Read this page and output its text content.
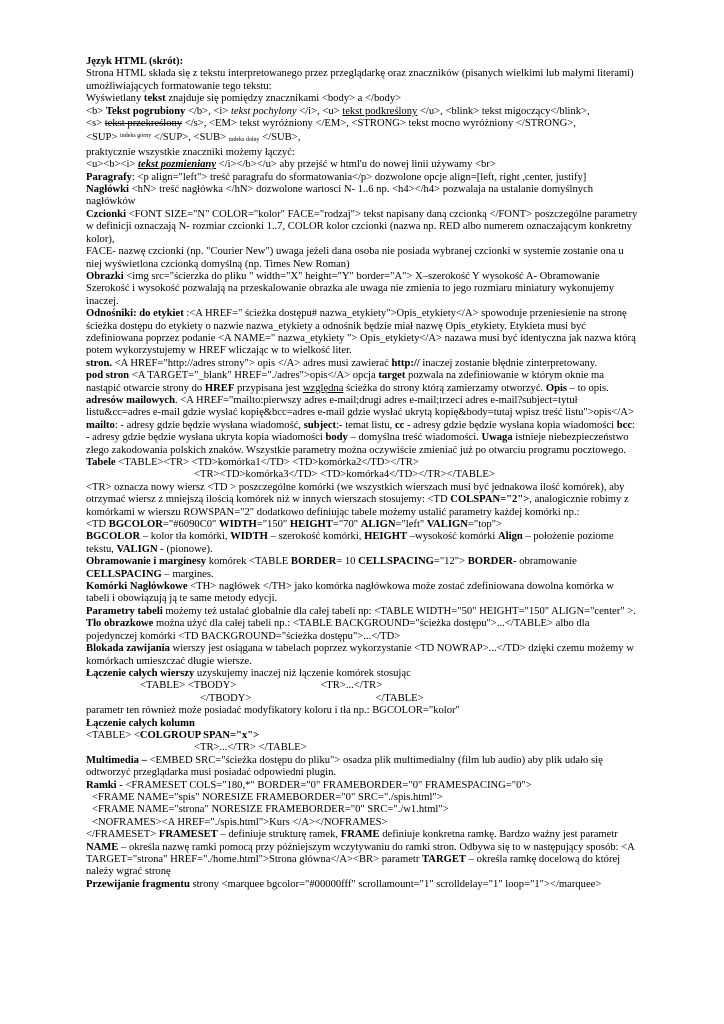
Język HTML (skrót):

Strona HTML składa się z tekstu interpretowanego przez przeglądarkę oraz znaczników (pisanych wielkimi lub małymi literami) umożliwiających formatowanie tego tekstu:

Wyświetlany tekst znajduje się pomiędzy znacznikami <body> a </body>

<b> Tekst pogrubiony </b>, <i> tekst pochylony </i>, <u> tekst podkreślony </u>, <blink> tekst migoczący</blink>,

<s> tekst przekreślony </s>, <EM> tekst wyróżniony </EM>, <STRONG> tekst mocno wyróżniony </STRONG>,

<SUP> $^{indeks górny}$ </SUP>, <SUB> indeks dolny </SUB>,

praktycznie wszystkie znaczniki możemy łączyć:

<u><b><i> tekst pozmieniany </i></b></u> aby przejść w html'u do nowej linii używamy <br>

Paragrafy: <p align="left"> treść paragrafu do sformatowania</p> dozwolone opcje align=[left, right ,center, justify]

Nagłówki <hN> treść nagłówka </hN> dozwolone wartosci N- 1..6 np. <h4></h4> pozwalaja na ustalanie domyślnych nagłówków

Czcionki <FONT SIZE="N" COLOR="kolor" FACE="rodzaj"> tekst napisany daną czcionką </FONT> poszczególne parametry w definicji oznaczają N- rozmiar czcionki 1..7, COLOR kolor czcionki (nazwa np. RED albo numerem oznaczającym konkretny kolor),

FACE- nazwę czcionki (np. "Courier New") uwaga jeżeli dana osoba nie posiada wybranej czcionki w systemie zostanie ona u niej wyświetlona czcionką domyślną (np. Times New Roman)

Obrazki <img src="ścierzka do pliku " width="X" height="Y" border="A"> X–szerokość Y wysokość A- Obramowanie Szerokość i wysokość pozwalają na przeskalowanie obrazka ale uwaga nie zmienia to jego rozmiaru miniatury wykonujemy inaczej.

Odnośniki: do etykiet :<A HREF=" ścieżka dostępu# nazwa_etykiety">Opis_etykiety</A> spowoduje przeniesienie na stronę ścieżka dostępu do etykiety o nazwie nazwa_etykiety a odnośnik będzie miał nazwę Opis_etykiety. Etykieta musi być zdefiniowana poprzez podanie <A NAME=" nazwa_etykiety "> Opis_etykiety</A> nazawa musi być identyczna jak nazwa którą potem wykorzystujemy w HREF wliczając w to wielkość liter.

stron. <A HREF="http://adres strony"> opis </A> adres musi zawierać http:// inaczej zostanie błędnie zinterpretowany.

pod stron <A TARGET="_blank" HREF="./adres">opis</A> opcja target pozwala na zdefiniowanie w którym oknie ma nastąpić otwarcie strony do HREF przypisana jest względna ścieżka do strony którą zamierzamy otworzyć. Opis – to opis.

adresów mailowych. <A HREF="mailto:pierwszy adres e-mail;drugi adres e-mail;trzeci adres e-mail?subject=tytuł listu&cc=adres e-mail gdzie wysłać kopię&bcc=adres e-mail gdzie wysłać ukrytą kopię&body=tutaj wpisz treść listu">opis</A>

mailto: - adresy gdzie będzie wysłana wiadomość, subject:- temat listu, cc - adresy gdzie będzie wysłana kopia wiadomości bcc: - adresy gdzie będzie wysłana ukryta kopia wiadomości body – domyślna treść wiadomości. Uwaga istnieje niebezpieczeństwo złego zakodowania polskich znaków. Wszystkie parametry można oczywiście zmieniać już po otwarciu programu pocztowego.

Tabele <TABLE><TR> <TD>komórka1</TD> <TD>komórka2</TD></TR>

<TR><TD>komórka3</TD> <TD>komórka4</TD></TR></TABLE>

<TR> oznacza nowy wiersz <TD > poszczególne komórki (we wszystkich wierszach musi być jednakowa ilość komórek), aby otrzymać wiersz z mniejszą ilością komórek niż w innych wierszach stosujemy: <TD COLSPAN="2">, analogicznie robimy z komórkami w wierszu ROWSPAN="2" dodatkowo definiując tabele możemy ustalić parametry każdej komórki np.:

<TD BGCOLOR="#6090C0" WIDTH="150" HEIGHT="70" ALIGN="left" VALIGN="top">

BGCOLOR – kolor tła komórki, WIDTH – szerokość komórki, HEIGHT –wysokość komórki Align – położenie poziome tekstu, VALIGN - (pionowe).

Obramowanie i marginesy komórek <TABLE BORDER= 10 CELLSPACING="12"> BORDER- obramowanie CELLSPACING – margines.

Komórki Nagłówkowe <TH> nagłówek </TH> jako komórka nagłówkowa może zostać zdefiniowana dowolna komórka w tabeli i obowiązują ją te same metody edycji.

Parametry tabeli możemy też ustalać globalnie dla całej tabeli np: <TABLE WIDTH="50" HEIGHT="150" ALIGN="center" >.

Tło obrazkowe można użyć dla całej tabeli np.: <TABLE BACKGROUND="ścieżka dostępu">...</TABLE> albo dla pojedynczej komórki <TD BACKGROUND="ścieżka dostępu">...</TD>

Blokada zawijania wierszy jest osiągana w tabelach poprzez wykorzystanie <TD NOWRAP>...</TD> dzięki czemu możemy w komórkach umieszczać długie wiersze.

Łączenie całych wierszy uzyskujemy inaczej niż łączenie komórek stosując

<TABLE> <TBODY>	<TR>...</TR>

</TBODY>	</TABLE>

parametr ten również może posiadać modyfikatory koloru i tła np.: BGCOLOR="kolor"

Łączenie całych kolumn

<TABLE> <COLGROUP SPAN="x">

<TR>...</TR> </TABLE>

Multimedia – <EMBED SRC="ścieżka dostępu do pliku"> osadza plik multimedialny (film lub audio) aby plik udało się odtworzyć przeglądarka musi posiadać odpowiedni plugin.

Ramki - <FRAMESET COLS="180,*" BORDER="0" FRAMEBORDER="0" FRAMESPACING="0">

<FRAME NAME="spis" NORESIZE FRAMEBORDER="0" SRC="./spis.html">

<FRAME NAME="strona" NORESIZE FRAMEBORDER="0" SRC="./w1.html">

<NOFRAMES><A HREF="./spis.html">Kurs </A></NOFRAMES>

</FRAMESET> FRAMESET – definiuje strukturę ramek, FRAME definiuje konkretna ramkę. Bardzo ważny jest parametr NAME – określa nazwę ramki pomocą przy późniejszym wczytywaniu do ramki stron. Odbywa się to w następujący sposób: <A TARGET="strona" HREF="./home.html">Strona główna</A><BR> parametr TARGET – określa ramkę docelową do której należy wgrać stronę

Przewijanie fragmentu strony <marquee bgcolor="#00000fff" scrollamount="1" scrolldelay="1" loop="1"></marquee>
